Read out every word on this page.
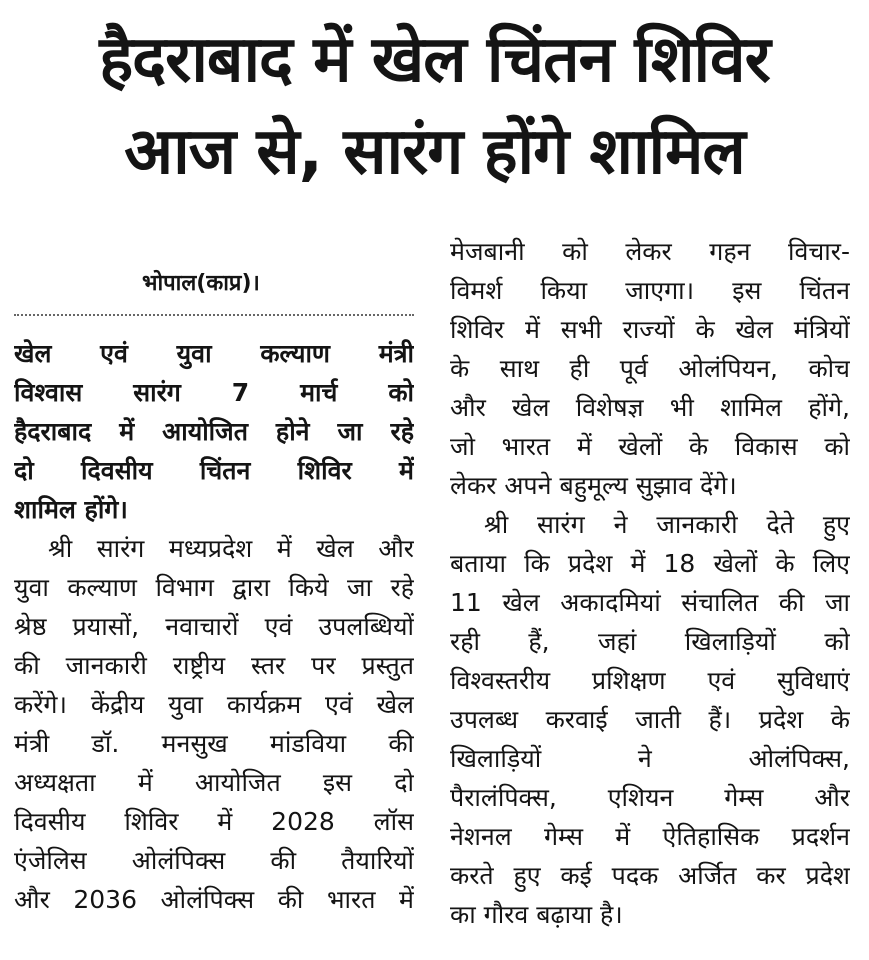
हैदराबाद में खेल चिंतन शिविर
आज से, सारंग होंगे शामिल
भोपाल(काप्र)।
खेल एवं युवा कल्याण मंत्री
विश्वास सारंग 7 मार्च को
हैदराबाद में आयोजित होने जा रहे
दो दिवसीय चिंतन शिविर में
शामिल होंगे।
श्री सारंग मध्यप्रदेश में खेल और
युवा कल्याण विभाग द्वारा किये जा रहे
श्रेष्ठ प्रयासों, नवाचारों एवं उपलब्धियों
की जानकारी राष्ट्रीय स्तर पर प्रस्तुत
करेंगे। केंद्रीय युवा कार्यक्रम एवं खेल
मंत्री डॉ. मनसुख मांडविया की
अध्यक्षता में आयोजित इस दो
दिवसीय शिविर में 2028 लॉस
एंजेलिस ओलंपिक्स की तैयारियों
और 2036 ओलंपिक्स की भारत में
मेजबानी को लेकर गहन विचार-
विमर्श किया जाएगा। इस चिंतन
शिविर में सभी राज्यों के खेल मंत्रियों
के साथ ही पूर्व ओलंपियन, कोच
और खेल विशेषज्ञ भी शामिल होंगे,
जो भारत में खेलों के विकास को
लेकर अपने बहुमूल्य सुझाव देंगे।
श्री सारंग ने जानकारी देते हुए
बताया कि प्रदेश में 18 खेलों के लिए
11 खेल अकादमियां संचालित की जा
रही हैं, जहां खिलाड़ियों को
विश्वस्तरीय प्रशिक्षण एवं सुविधाएं
उपलब्ध करवाई जाती हैं। प्रदेश के
खिलाड़ियों ने ओलंपिक्स,
पैरालंपिक्स, एशियन गेम्स और
नेशनल गेम्स में ऐतिहासिक प्रदर्शन
करते हुए कई पदक अर्जित कर प्रदेश
का गौरव बढ़ाया है।
